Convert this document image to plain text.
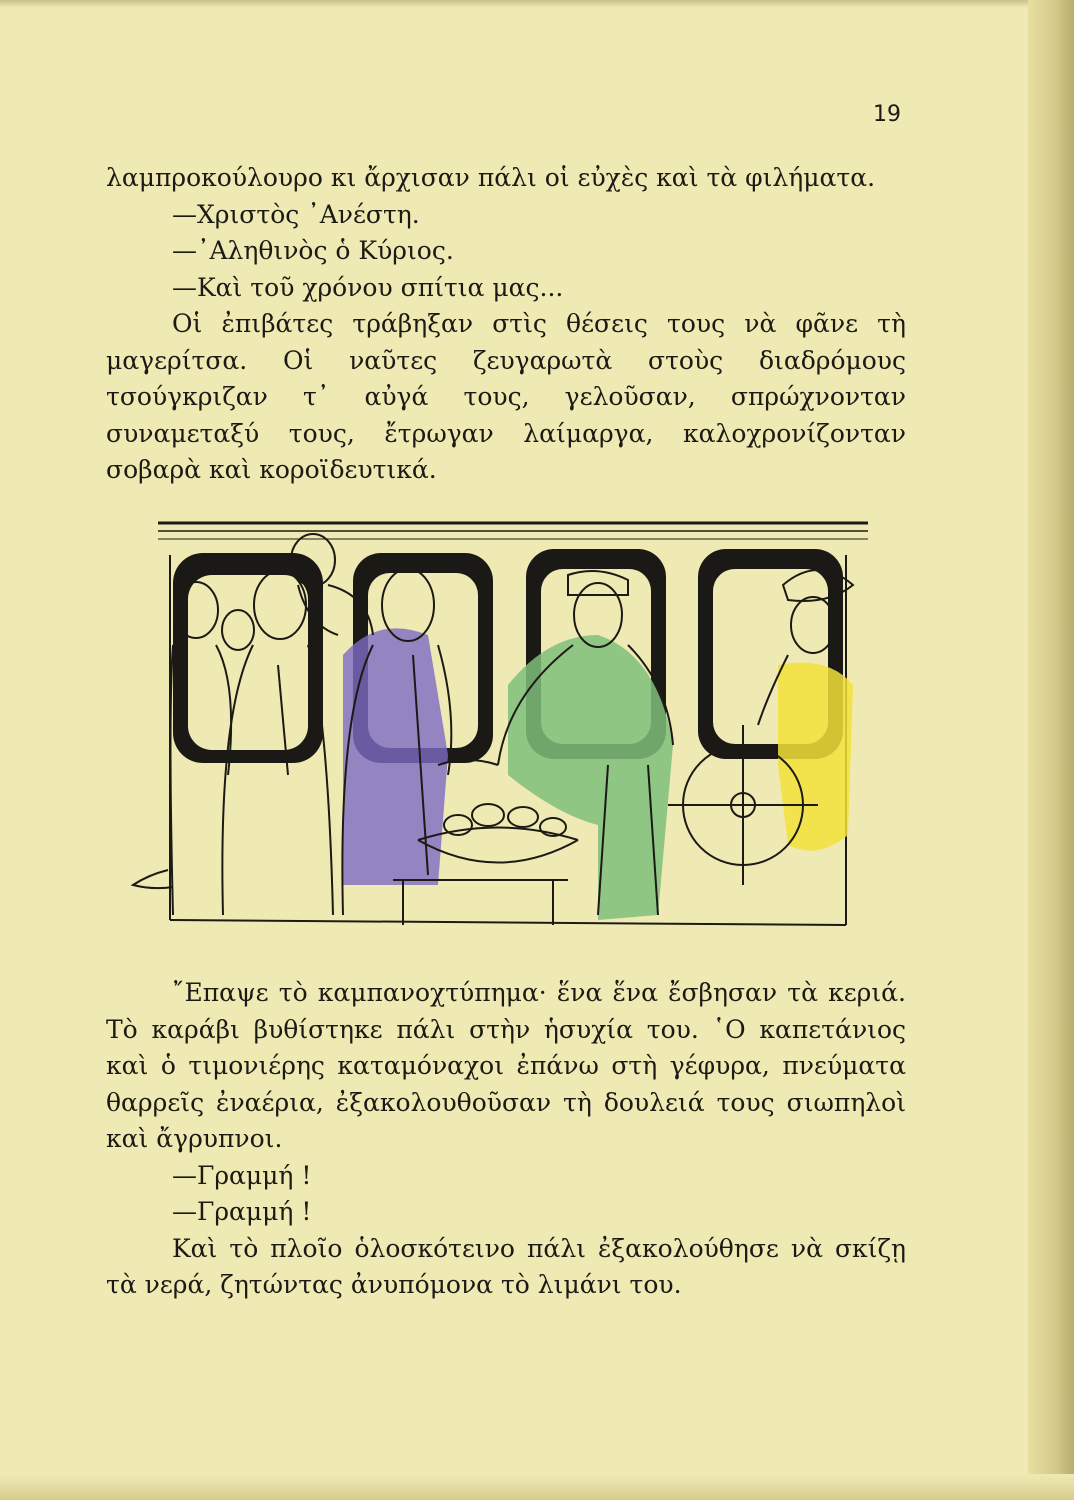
19

λαμπροκούλουρο κι ἄρχισαν πάλι οἱ εὐχὲς καὶ τὰ φιλήματα.

—Χριστὸς ᾿Ανέστη.

—᾿Αληθινὸς ὁ Κύριος.

—Καὶ τοῦ χρόνου σπίτια μας...

Οἱ ἐπιβάτες τράβηξαν στὶς θέσεις τους νὰ φᾶνε τὴ μαγερίτσα. Οἱ ναῦτες ζευγαρωτὰ στοὺς διαδρόμους τσούγκριζαν τ᾿ αὐγά τους, γελοῦσαν, σπρώχνονταν συναμεταξύ τους, ἔτρωγαν λαίμαργα, καλοχρονίζονταν σοβαρὰ καὶ κοροϊδευτικά.

῎Επαψε τὸ καμπανοχτύπημα· ἕνα ἕνα ἔσβησαν τὰ κεριά. Τὸ καράβι βυθίστηκε πάλι στὴν ἡσυχία του. ῾Ο καπετάνιος καὶ ὁ τιμονιέρης καταμόναχοι ἐπάνω στὴ γέφυρα, πνεύματα θαρρεῖς ἐναέρια, ἐξακολουθοῦσαν τὴ δουλειά τους σιωπηλοὶ καὶ ἄγρυπνοι.

—Γραμμή !

—Γραμμή !

Καὶ τὸ πλοῖο ὁλοσκότεινο πάλι ἐξακολούθησε νὰ σκίζῃ τὰ νερά, ζητώντας ἀνυπόμονα τὸ λιμάνι του.
